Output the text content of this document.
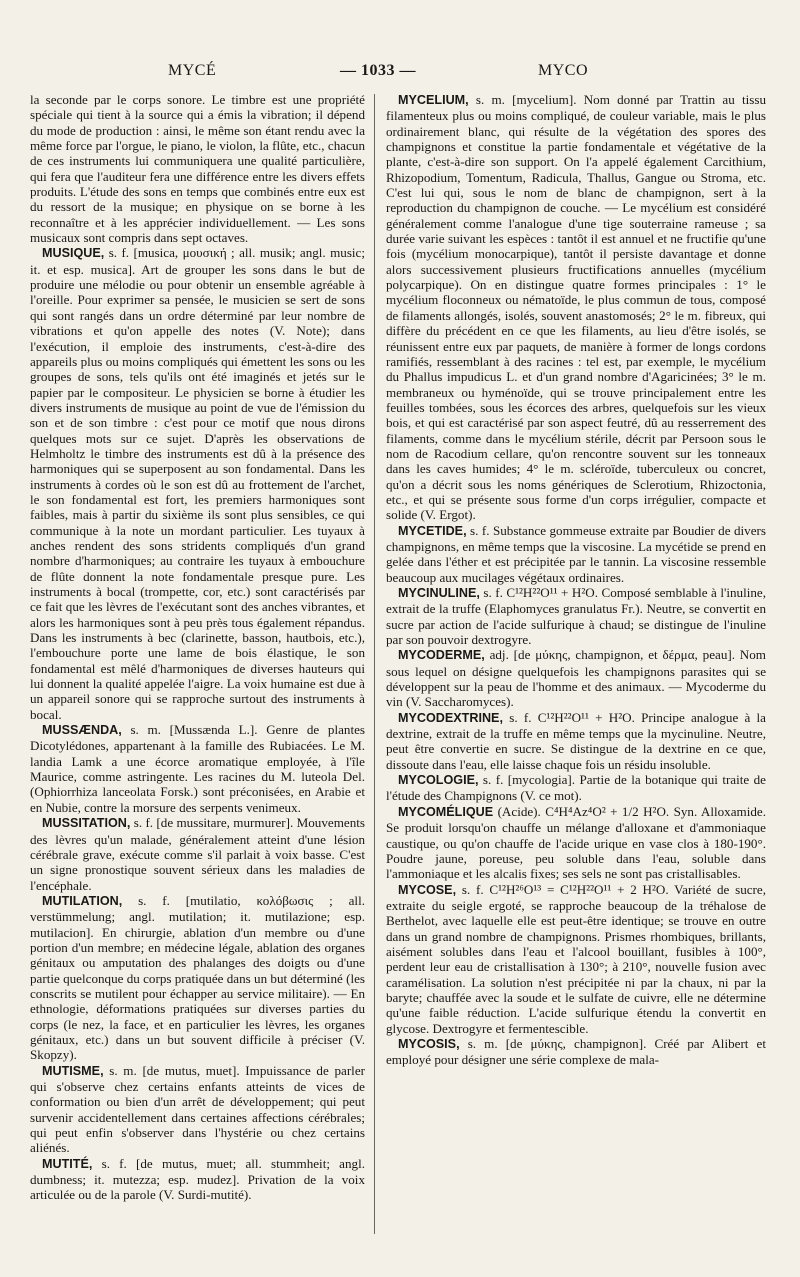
MYCÉ	— 1033 —	MYCO

la seconde par le corps sonore. Le timbre est une propriété spéciale qui tient à la source qui a émis la vibration; il dépend du mode de production : ainsi, le même son étant rendu avec la même force par l'orgue, le piano, le violon, la flûte, etc., chacun de ces instruments lui communiquera une qualité particulière, qui fera que l'auditeur fera une différence entre les divers effets produits. L'étude des sons en temps que combinés entre eux est du ressort de la musique; en physique on se borne à les reconnaître et à les apprécier individuellement. — Les sons musicaux sont compris dans sept octaves.

MUSIQUE, s. f. [musica, μουσική ; all. musik; angl. music; it. et esp. musica]. Art de grouper les sons dans le but de produire une mélodie ou pour obtenir un ensemble agréable à l'oreille. Pour exprimer sa pensée, le musicien se sert de sons qui sont rangés dans un ordre déterminé par leur nombre de vibrations et qu'on appelle des notes (V. Note); dans l'exécution, il emploie des instruments, c'est-à-dire des appareils plus ou moins compliqués qui émettent les sons ou les groupes de sons, tels qu'ils ont été imaginés et jetés sur le papier par le compositeur. Le physicien se borne à étudier les divers instruments de musique au point de vue de l'émission du son et de son timbre : c'est pour ce motif que nous dirons quelques mots sur ce sujet. D'après les observations de Helmholtz le timbre des instruments est dû à la présence des harmoniques qui se superposent au son fondamental. Dans les instruments à cordes où le son est dû au frottement de l'archet, le son fondamental est fort, les premiers harmoniques sont faibles, mais à partir du sixième ils sont plus sensibles, ce qui communique à la note un mordant particulier. Les tuyaux à anches rendent des sons stridents compliqués d'un grand nombre d'harmoniques; au contraire les tuyaux à embouchure de flûte donnent la note fondamentale presque pure. Les instruments à bocal (trompette, cor, etc.) sont caractérisés par ce fait que les lèvres de l'exécutant sont des anches vibrantes, et alors les harmoniques sont à peu près tous également répandus. Dans les instruments à bec (clarinette, basson, hautbois, etc.), l'embouchure porte une lame de bois élastique, le son fondamental est mêlé d'harmoniques de diverses hauteurs qui lui donnent la qualité appelée l'aigre. La voix humaine est due à un appareil sonore qui se rapproche surtout des instruments à bocal.

MUSSÆNDA, s. m. [Mussænda L.]. Genre de plantes Dicotylédones, appartenant à la famille des Rubiacées. Le M. landia Lamk a une écorce aromatique employée, à l'île Maurice, comme astringente. Les racines du M. luteola Del. (Ophiorrhiza lanceolata Forsk.) sont préconisées, en Arabie et en Nubie, contre la morsure des serpents venimeux.

MUSSITATION, s. f. [de mussitare, murmurer]. Mouvements des lèvres qu'un malade, généralement atteint d'une lésion cérébrale grave, exécute comme s'il parlait à voix basse. C'est un signe pronostique souvent sérieux dans les maladies de l'encéphale.

MUTILATION, s. f. [mutilatio, κολόβωσις ; all. verstümmelung; angl. mutilation; it. mutilazione; esp. mutilacion]. En chirurgie, ablation d'un membre ou d'une portion d'un membre; en médecine légale, ablation des organes génitaux ou amputation des phalanges des doigts ou d'une partie quelconque du corps pratiquée dans un but déterminé (les conscrits se mutilent pour échapper au service militaire). — En ethnologie, déformations pratiquées sur diverses parties du corps (le nez, la face, et en particulier les lèvres, les organes génitaux, etc.) dans un but souvent difficile à préciser (V. Skopzy).

MUTISME, s. m. [de mutus, muet]. Impuissance de parler qui s'observe chez certains enfants atteints de vices de conformation ou bien d'un arrêt de développement; qui peut survenir accidentellement dans certaines affections cérébrales; qui peut enfin s'observer dans l'hystérie ou chez certains aliénés.

MUTITÉ, s. f. [de mutus, muet; all. stummheit; angl. dumbness; it. mutezza; esp. mudez]. Privation de la voix articulée ou de la parole (V. Surdi-mutité).

MYCELIUM, s. m. [mycelium]. Nom donné par Trattin au tissu filamenteux plus ou moins compliqué, de couleur variable, mais le plus ordinairement blanc, qui résulte de la végétation des spores des champignons et constitue la partie fondamentale et végétative de la plante, c'est-à-dire son support. On l'a appelé également Carcithium, Rhizopodium, Tomentum, Radicula, Thallus, Gangue ou Stroma, etc. C'est lui qui, sous le nom de blanc de champignon, sert à la reproduction du champignon de couche. — Le mycélium est considéré généralement comme l'analogue d'une tige souterraine rameuse ; sa durée varie suivant les espèces : tantôt il est annuel et ne fructifie qu'une fois (mycélium monocarpique), tantôt il persiste davantage et donne alors successivement plusieurs fructifications annuelles (mycélium polycarpique). On en distingue quatre formes principales : 1° le mycélium floconneux ou nématoïde, le plus commun de tous, composé de filaments allongés, isolés, souvent anastomosés; 2° le m. fibreux, qui diffère du précédent en ce que les filaments, au lieu d'être isolés, se réunissent entre eux par paquets, de manière à former de longs cordons ramifiés, ressemblant à des racines : tel est, par exemple, le mycélium du Phallus impudicus L. et d'un grand nombre d'Agaricinées; 3° le m. membraneux ou hyménoïde, qui se trouve principalement entre les feuilles tombées, sous les écorces des arbres, quelquefois sur les vieux bois, et qui est caractérisé par son aspect feutré, dû au resserrement des filaments, comme dans le mycélium stérile, décrit par Persoon sous le nom de Racodium cellare, qu'on rencontre souvent sur les tonneaux dans les caves humides; 4° le m. scléroïde, tuberculeux ou concret, qu'on a décrit sous les noms génériques de Sclerotium, Rhizoctonia, etc., et qui se présente sous forme d'un corps irrégulier, compacte et solide (V. Ergot).

MYCETIDE, s. f. Substance gommeuse extraite par Boudier de divers champignons, en même temps que la viscosine. La mycétide se prend en gelée dans l'éther et est précipitée par le tannin. La viscosine ressemble beaucoup aux mucilages végétaux ordinaires.

MYCINULINE, s. f. C¹²H²²O¹¹ + H²O. Composé semblable à l'inuline, extrait de la truffe (Elaphomyces granulatus Fr.). Neutre, se convertit en sucre par action de l'acide sulfurique à chaud; se distingue de l'inuline par son pouvoir dextrogyre.

MYCODERME, adj. [de μύκης, champignon, et δέρμα, peau]. Nom sous lequel on désigne quelquefois les champignons parasites qui se développent sur la peau de l'homme et des animaux. — Mycoderme du vin (V. Saccharomyces).

MYCODEXTRINE, s. f. C¹²H²²O¹¹ + H²O. Principe analogue à la dextrine, extrait de la truffe en même temps que la mycinuline. Neutre, peut être convertie en sucre. Se distingue de la dextrine en ce que, dissoute dans l'eau, elle laisse chaque fois un résidu insoluble.

MYCOLOGIE, s. f. [mycologia]. Partie de la botanique qui traite de l'étude des Champignons (V. ce mot).

MYCOMÉLIQUE (Acide). C⁴H⁴Az⁴O² + 1/2 H²O. Syn. Alloxamide. Se produit lorsqu'on chauffe un mélange d'alloxane et d'ammoniaque caustique, ou qu'on chauffe de l'acide urique en vase clos à 180-190°. Poudre jaune, poreuse, peu soluble dans l'eau, soluble dans l'ammoniaque et les alcalis fixes; ses sels ne sont pas cristallisables.

MYCOSE, s. f. C¹²H²⁶O¹³ = C¹²H²²O¹¹ + 2 H²O. Variété de sucre, extraite du seigle ergoté, se rapproche beaucoup de la tréhalose de Berthelot, avec laquelle elle est peut-être identique; se trouve en outre dans un grand nombre de champignons. Prismes rhombiques, brillants, aisément solubles dans l'eau et l'alcool bouillant, fusibles à 100°, perdent leur eau de cristallisation à 130°; à 210°, nouvelle fusion avec caramélisation. La solution n'est précipitée ni par la chaux, ni par la baryte; chauffée avec la soude et le sulfate de cuivre, elle ne détermine qu'une faible réduction. L'acide sulfurique étendu la convertit en glycose. Dextrogyre et fermentescible.

MYCOSIS, s. m. [de μύκης, champignon]. Créé par Alibert et employé pour désigner une série complexe de mala-
